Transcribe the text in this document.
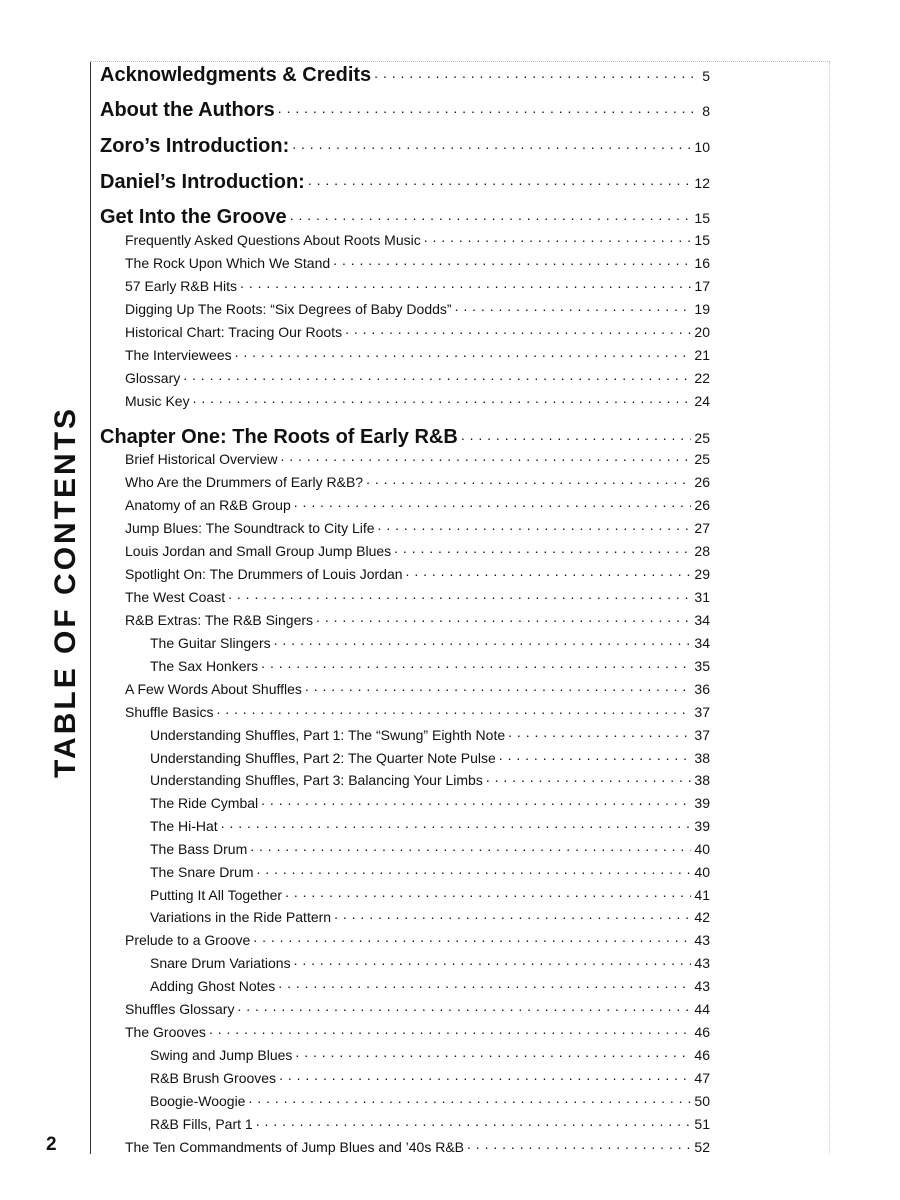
TABLE OF CONTENTS
2
Acknowledgments & Credits . . .	5
About the Authors . . .	8
Zoro’s Introduction: . . .	10
Daniel’s Introduction: . . .	12
Get Into the Groove . . .	15
Frequently Asked Questions About Roots Music . . .	15
The Rock Upon Which We Stand . . .	16
57 Early R&B Hits . . .	17
Digging Up The Roots: “Six Degrees of Baby Dodds” . . .	19
Historical Chart: Tracing Our Roots . . .	20
The Interviewees . . .	21
Glossary . . .	22
Music Key . . .	24
Chapter One: The Roots of Early R&B . . .	25
Brief Historical Overview . . .	25
Who Are the Drummers of Early R&B? . . .	26
Anatomy of an R&B Group . . .	26
Jump Blues: The Soundtrack to City Life . . .	27
Louis Jordan and Small Group Jump Blues . . .	28
Spotlight On: The Drummers of Louis Jordan . . .	29
The West Coast . . .	31
R&B Extras: The R&B Singers . . .	34
The Guitar Slingers . . .	34
The Sax Honkers . . .	35
A Few Words About Shuffles . . .	36
Shuffle Basics . . .	37
Understanding Shuffles, Part 1: The “Swung” Eighth Note . . .	37
Understanding Shuffles, Part 2: The Quarter Note Pulse . . .	38
Understanding Shuffles, Part 3: Balancing Your Limbs . . .	38
The Ride Cymbal . . .	39
The Hi-Hat . . .	39
The Bass Drum . . .	40
The Snare Drum . . .	40
Putting It All Together . . .	41
Variations in the Ride Pattern . . .	42
Prelude to a Groove . . .	43
Snare Drum Variations . . .	43
Adding Ghost Notes . . .	43
Shuffles Glossary . . .	44
The Grooves . . .	46
Swing and Jump Blues . . .	46
R&B Brush Grooves . . .	47
Boogie-Woogie . . .	50
R&B Fills, Part 1 . . .	51
The Ten Commandments of Jump Blues and ’40s R&B . . .	52
